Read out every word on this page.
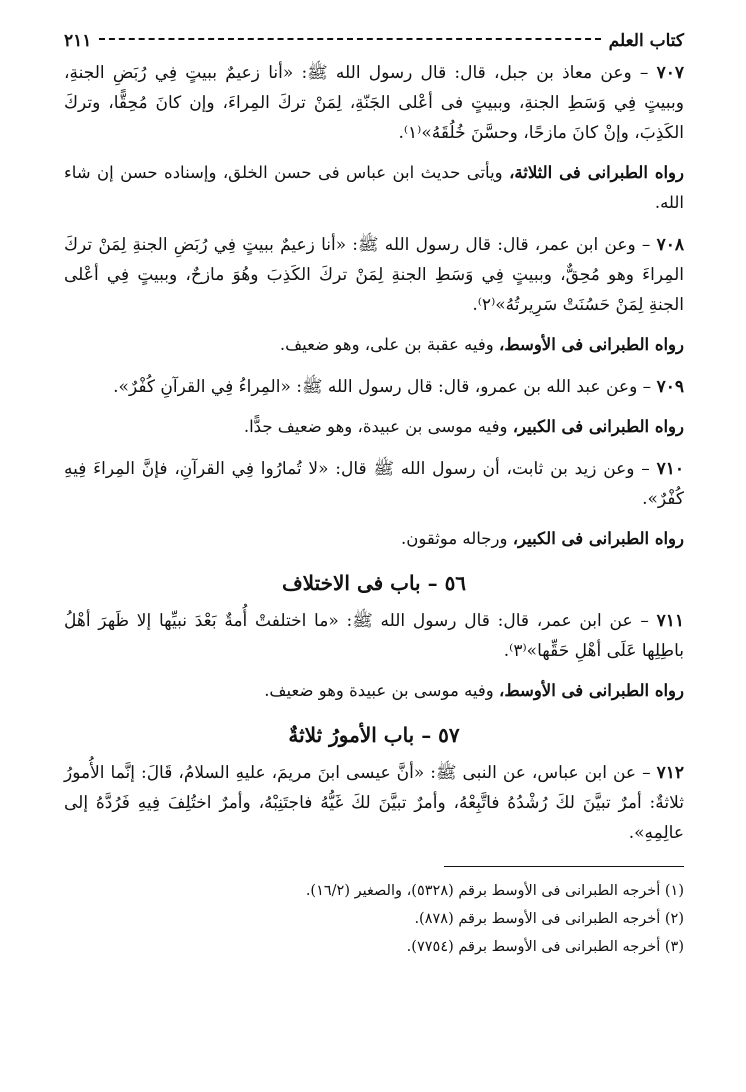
كتاب العلم
٢١١

٧٠٧ – وعن معاذ بن جبل، قال: قال رسول الله ﷺ: «أنا زعيمٌ ببيتٍ فِي رُبَضِ الجنةِ، وببيتٍ فِي وَسَطِ الجنةِ، وببيتٍ فى أعْلى الجَنّةِ، لِمَنْ تركَ المِراءَ، وإن كانَ مُحِقًّا، وتركَ الكَذِبَ، وإنْ كانَ مازحًا، وحسَّنَ خُلُقَهُ»⁽١⁾.

رواه الطبرانى فى الثلاثة، ويأتى حديث ابن عباس فى حسن الخلق، وإسناده حسن إن شاء الله.

٧٠٨ – وعن ابن عمر، قال: قال رسول الله ﷺ: «أنا زعيمٌ ببيتٍ فِي رُبَضِ الجنةِ لِمَنْ تركَ المِراءَ وهو مُحِقٌّ، وببيتٍ فِي وَسَطِ الجنةِ لِمَنْ تركَ الكَذِبَ وهُوَ مازحٌ، وببيتٍ فِي أعْلى الجنةِ لِمَنْ حَسُنَتْ سَرِيرتُهُ»⁽٢⁾.

رواه الطبرانى فى الأوسط، وفيه عقبة بن على، وهو ضعيف.

٧٠٩ – وعن عبد الله بن عمرو، قال: قال رسول الله ﷺ: «المِراءُ فِي القرآنِ كُفْرٌ».

رواه الطبرانى فى الكبير، وفيه موسى بن عبيدة، وهو ضعيف جدًّا.

٧١٠ – وعن زيد بن ثابت، أن رسول الله ﷺ قال: «لا تُمارُوا فِي القرآنِ، فإنَّ المِراءَ فِيهِ كُفْرٌ».

رواه الطبرانى فى الكبير، ورجاله موثقون.

٥٦ – باب فى الاختلاف

٧١١ – عن ابن عمر، قال: قال رسول الله ﷺ: «ما اختلفتْ أُمةٌ بَعْدَ نبيِّها إلا ظَهرَ أهْلُ باطِلِها عَلَى أهْلِ حَقِّها»⁽٣⁾.

رواه الطبرانى فى الأوسط، وفيه موسى بن عبيدة وهو ضعيف.

٥٧ – باب الأمورُ ثلاثةٌ

٧١٢ – عن ابن عباس، عن النبى ﷺ: «أنَّ عيسى ابنَ مريمَ، عليهِ السلامُ، قَالَ: إنَّما الأُمورُ ثلاثةٌ: أمرٌ تبيَّنَ لكَ رُشْدُهُ فاتَّبِعْهُ، وأمرٌ تبيَّنَ لكَ غَيُّهُ فاجتَنِبْهُ، وأمرٌ اختُلِفَ فِيهِ فَرُدَّهُ إلى عالِمِهِ».

(١) أخرجه الطبرانى فى الأوسط برقم (٥٣٢٨)، والصغير (١٦/٢).

(٢) أخرجه الطبرانى فى الأوسط برقم (٨٧٨).

(٣) أخرجه الطبرانى فى الأوسط برقم (٧٧٥٤).
